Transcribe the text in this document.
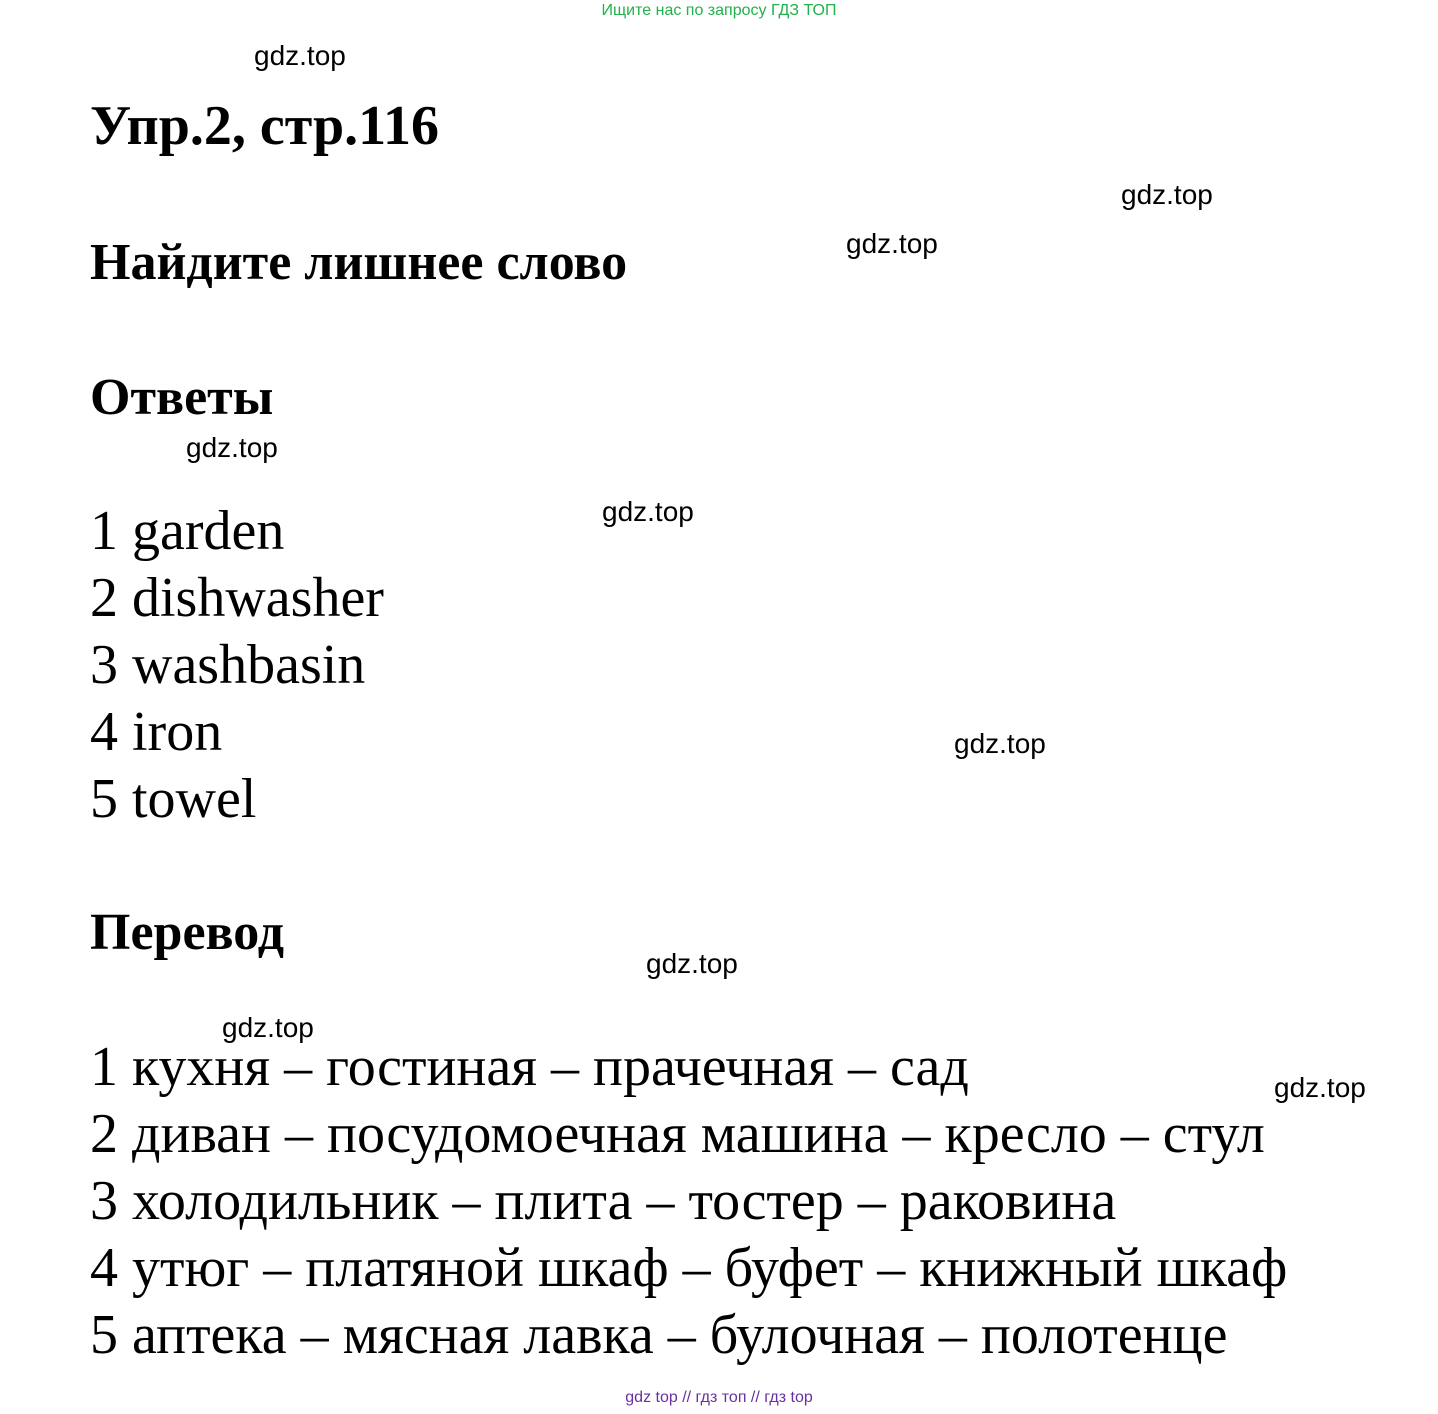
Ищите нас по запросу ГДЗ ТОП
gdz.top
gdz.top
gdz.top
gdz.top
gdz.top
gdz.top
gdz.top
gdz.top
gdz.top
Упр.2, стр.116
Найдите лишнее слово
Ответы
1 garden
2 dishwasher
3 washbasin
4 iron
5 towel
Перевод
1 кухня – гостиная – прачечная – сад
2 диван – посудомоечная машина – кресло – стул
3 холодильник – плита – тостер – раковина
4 утюг – платяной шкаф – буфет – книжный шкаф
5 аптека – мясная лавка – булочная – полотенце
gdz top // гдз топ // гдз top
